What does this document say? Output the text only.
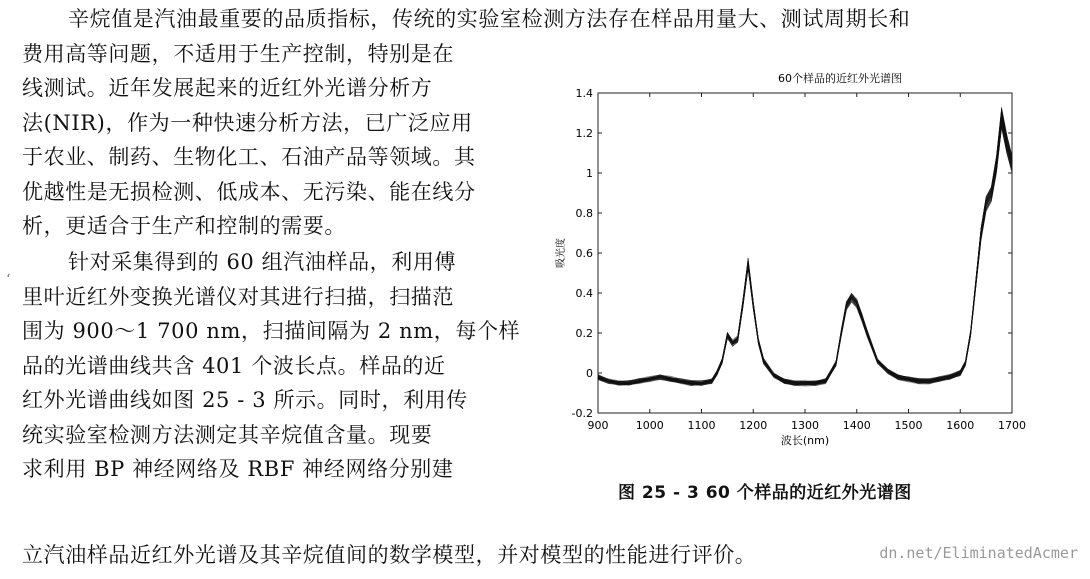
辛烷值是汽油最重要的品质指标，传统的实验室检测方法存在样品用量大、测试周期长和
费用高等问题，不适用于生产控制，特别是在
线测试。近年发展起来的近红外光谱分析方
法(NIR)，作为一种快速分析方法，已广泛应用
于农业、制药、生物化工、石油产品等领域。其
优越性是无损检测、低成本、无污染、能在线分
析，更适合于生产和控制的需要。
ʻ
针对采集得到的 60 组汽油样品，利用傅
里叶近红外变换光谱仪对其进行扫描，扫描范
围为 900～1 700 nm，扫描间隔为 2 nm，每个样
品的光谱曲线共含 401 个波长点。样品的近
红外光谱曲线如图 25 - 3 所示。同时，利用传
统实验室检测方法测定其辛烷值含量。现要
求利用 BP 神经网络及 RBF 神经网络分别建
立汽油样品近红外光谱及其辛烷值间的数学模型，并对模型的性能进行评价。
60个样品的近红外光谱图
-0.2
0
0.2
0.4
0.6
0.8
1
1.2
1.4
900 1000 1100 1200 1300 1400 1500 1600 1700
波长(nm)
吸光度
图 25 - 3 60 个样品的近红外光谱图
dn.net/EliminatedAcmer
